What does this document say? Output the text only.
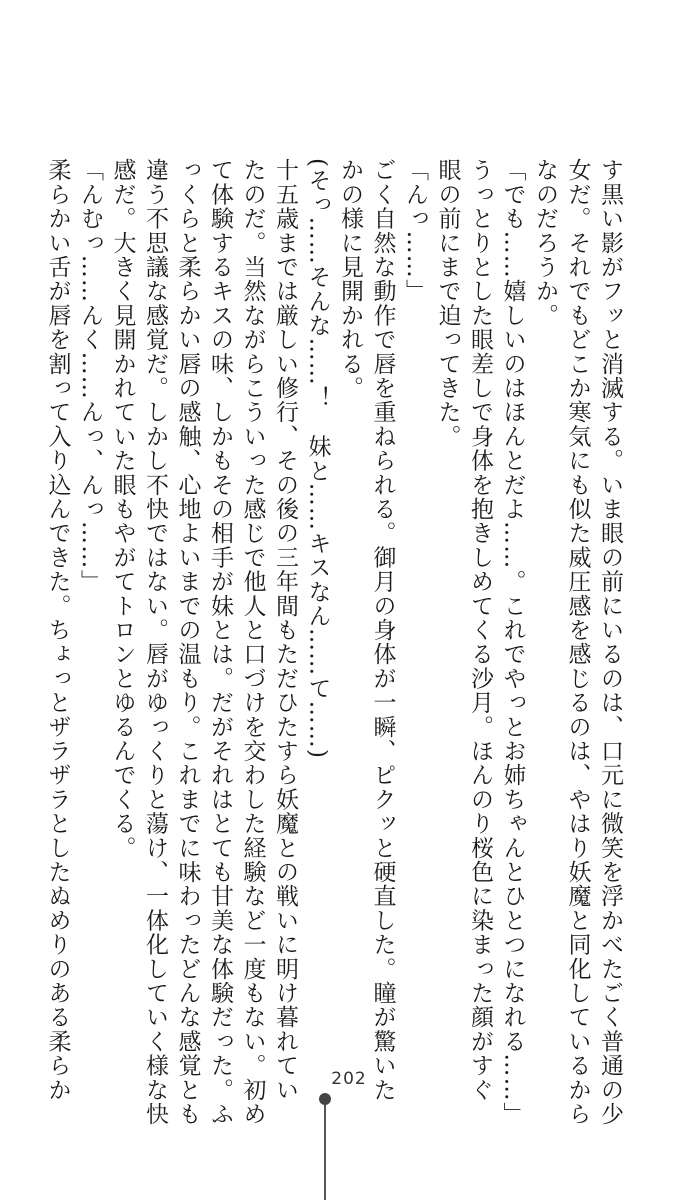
す黒い影がフッと消滅する。いま眼の前にいるのは、口元に微笑を浮かべたごく普通の少
女だ。それでもどこか寒気にも似た威圧感を感じるのは、やはり妖魔と同化しているから
なのだろうか。
「でも……嬉しいのはほんとだよ……。これでやっとお姉ちゃんとひとつになれる……」
うっとりとした眼差しで身体を抱きしめてくる沙月。ほんのり桜色に染まった顔がすぐ
眼の前にまで迫ってきた。
「んっ……」
ごく自然な動作で唇を重ねられる。御月の身体が一瞬、ピクッと硬直した。瞳が驚いた
かの様に見開かれる。
(そっ……そんな……！　妹と……キスなん……て……)
十五歳までは厳しい修行、その後の三年間もただひたすら妖魔との戦いに明け暮れてい
たのだ。当然ながらこういった感じで他人と口づけを交わした経験など一度もない。初め
て体験するキスの味、しかもその相手が妹とは。だがそれはとても甘美な体験だった。ふ
っくらと柔らかい唇の感触、心地よいまでの温もり。これまでに味わったどんな感覚とも
違う不思議な感覚だ。しかし不快ではない。唇がゆっくりと蕩け、一体化していく様な快
感だ。大きく見開かれていた眼もやがてトロンとゆるんでくる。
「んむっ……んく……んっ、んっ……」
柔らかい舌が唇を割って入り込んできた。ちょっとザラザラとしたぬめりのある柔らか	202
